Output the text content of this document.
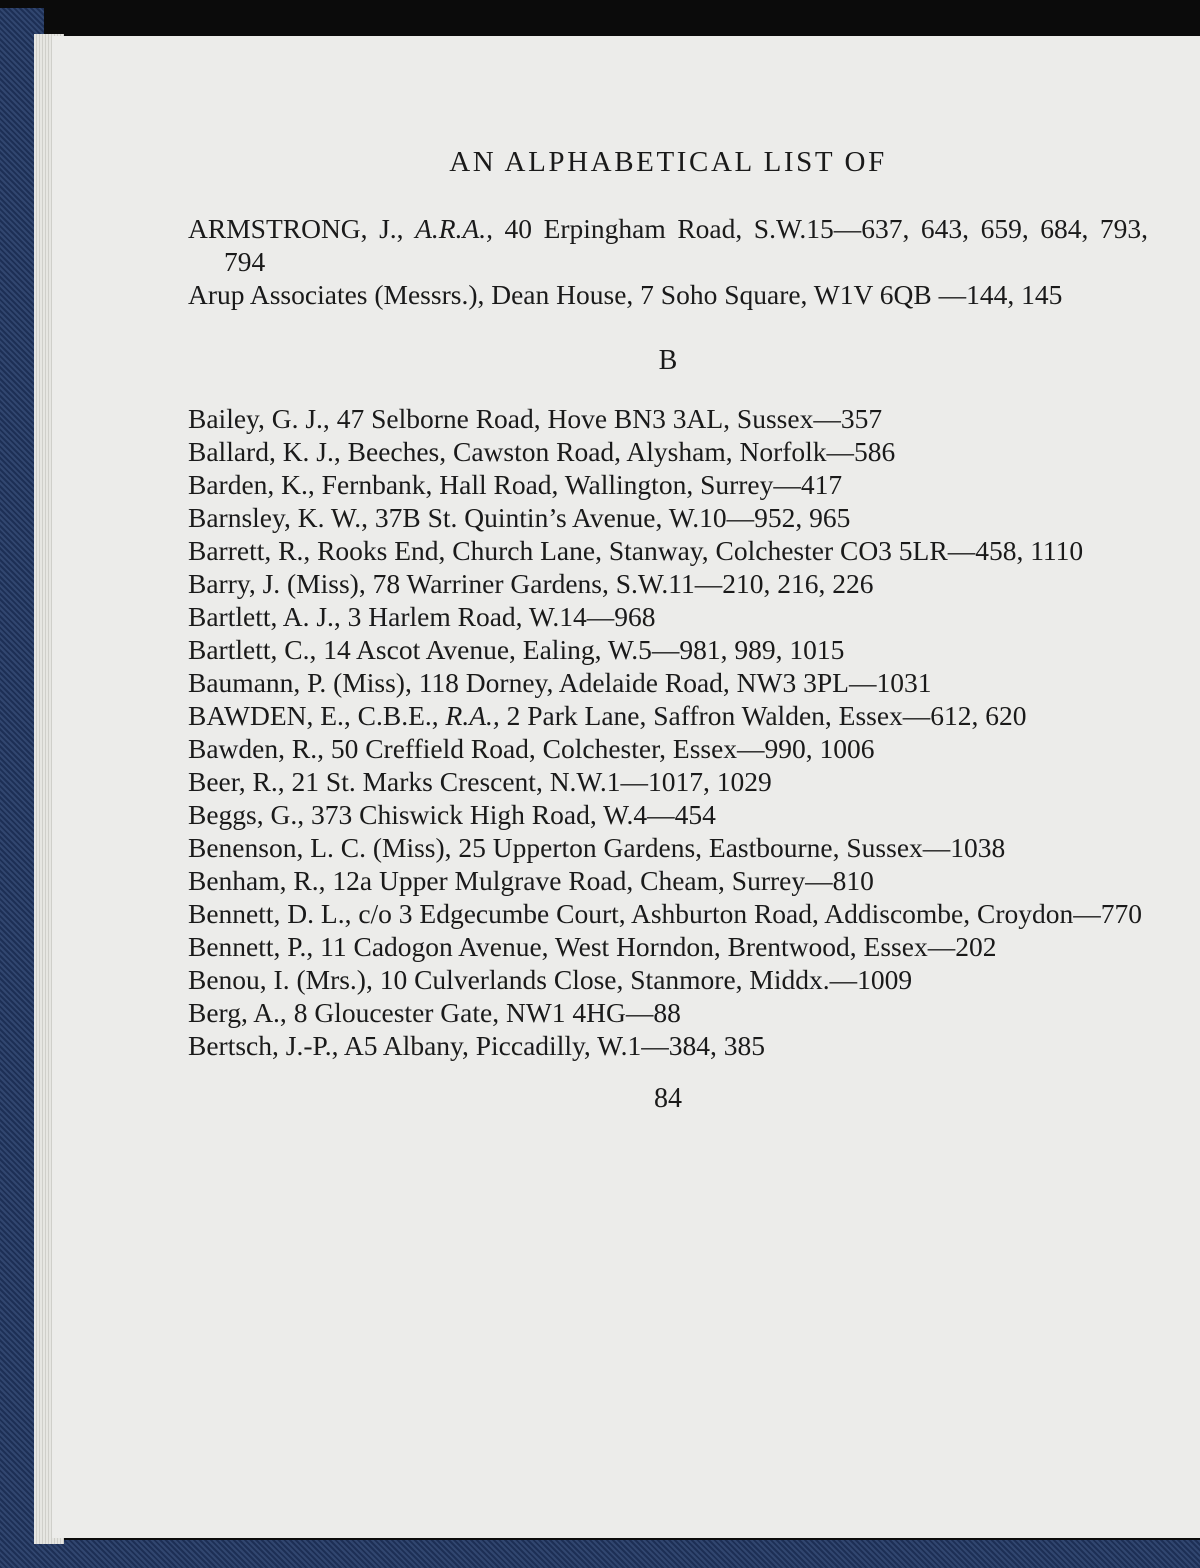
AN ALPHABETICAL LIST OF
ARMSTRONG, J., A.R.A., 40 Erpingham Road, S.W.15—637, 643, 659, 684, 793, 794
Arup Associates (Messrs.), Dean House, 7 Soho Square, W1V 6QB —144, 145
B
Bailey, G. J., 47 Selborne Road, Hove BN3 3AL, Sussex—357
Ballard, K. J., Beeches, Cawston Road, Alysham, Norfolk—586
Barden, K., Fernbank, Hall Road, Wallington, Surrey—417
Barnsley, K. W., 37B St. Quintin’s Avenue, W.10—952, 965
Barrett, R., Rooks End, Church Lane, Stanway, Colchester CO3 5LR—458, 1110
Barry, J. (Miss), 78 Warriner Gardens, S.W.11—210, 216, 226
Bartlett, A. J., 3 Harlem Road, W.14—968
Bartlett, C., 14 Ascot Avenue, Ealing, W.5—981, 989, 1015
Baumann, P. (Miss), 118 Dorney, Adelaide Road, NW3 3PL—1031
BAWDEN, E., C.B.E., R.A., 2 Park Lane, Saffron Walden, Essex—612, 620
Bawden, R., 50 Creffield Road, Colchester, Essex—990, 1006
Beer, R., 21 St. Marks Crescent, N.W.1—1017, 1029
Beggs, G., 373 Chiswick High Road, W.4—454
Benenson, L. C. (Miss), 25 Upperton Gardens, Eastbourne, Sussex—1038
Benham, R., 12a Upper Mulgrave Road, Cheam, Surrey—810
Bennett, D. L., c/o 3 Edgecumbe Court, Ashburton Road, Addiscombe, Croydon—770
Bennett, P., 11 Cadogon Avenue, West Horndon, Brentwood, Essex—202
Benou, I. (Mrs.), 10 Culverlands Close, Stanmore, Middx.—1009
Berg, A., 8 Gloucester Gate, NW1 4HG—88
Bertsch, J.-P., A5 Albany, Piccadilly, W.1—384, 385
84
